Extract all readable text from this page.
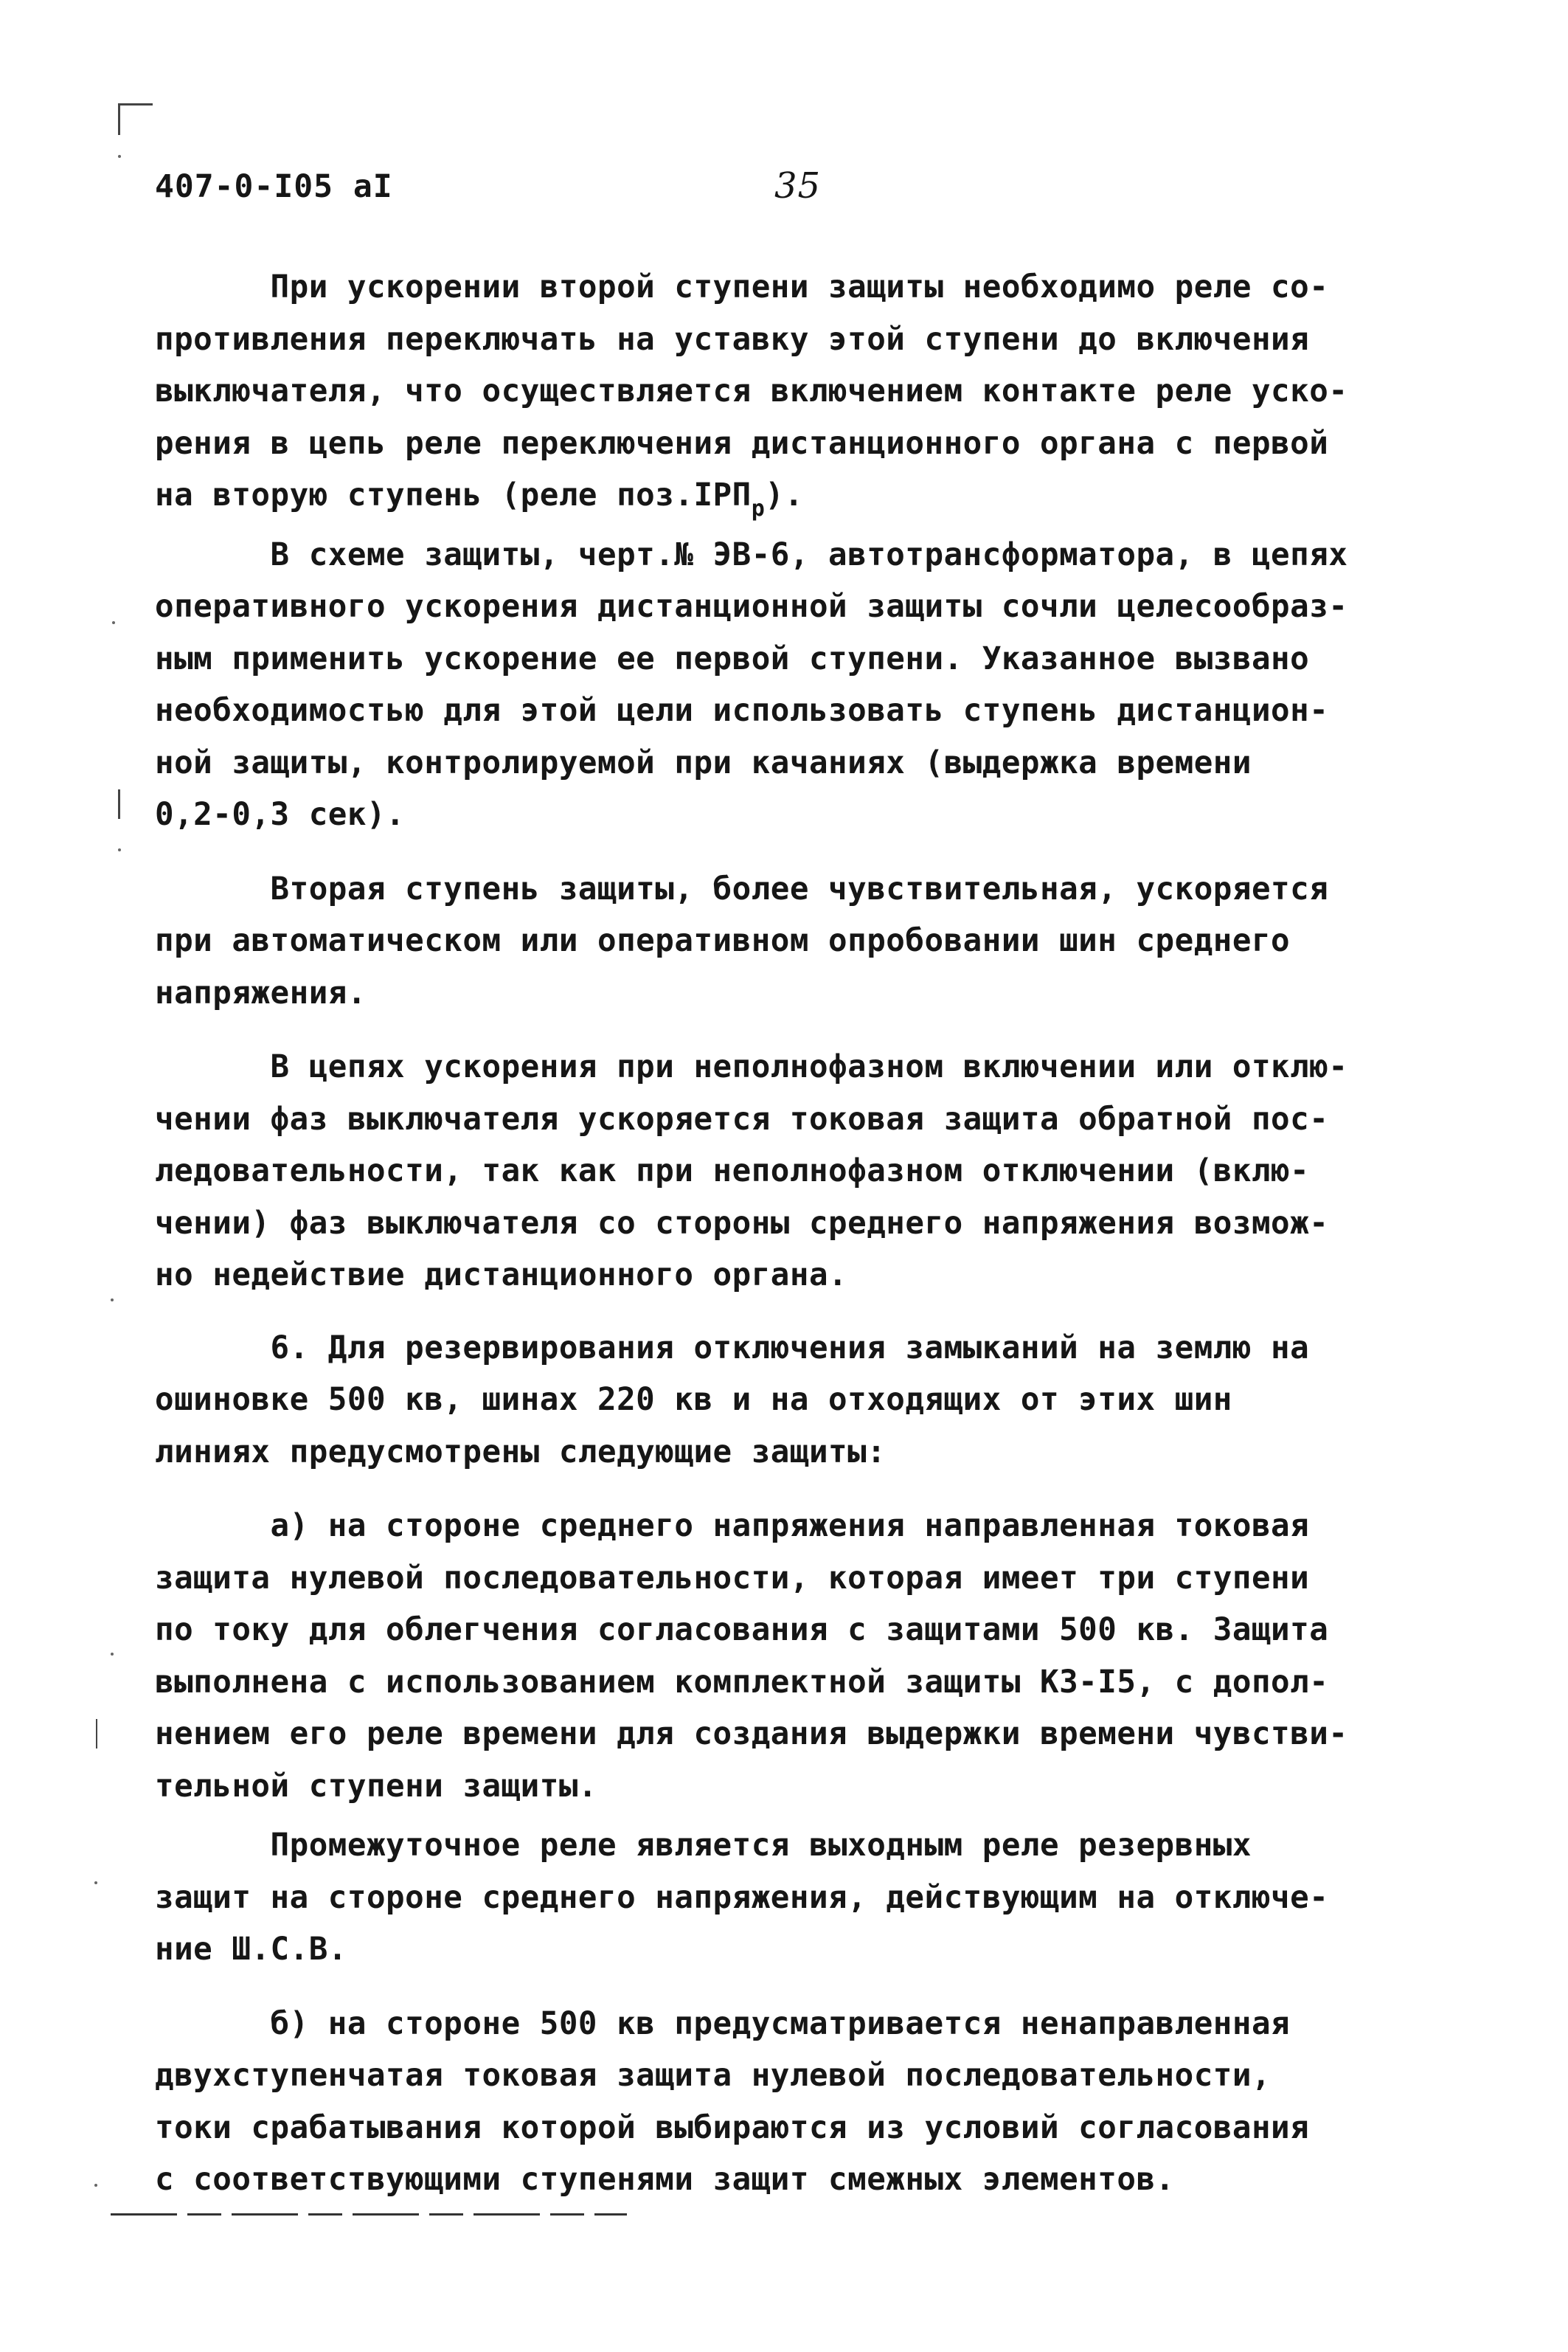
407-0-I05 aI	35
При ускорении второй ступени защиты необходимо реле со-
противления переключать на уставку этой ступени до включения
выключателя, что осуществляется включением контакте реле уско-
рения в цепь реле переключения дистанционного органа с первой
на вторую ступень (реле $поз.IРП_р$).
В схеме защиты, черт.№ ЭВ-6, автотрансформатора, в цепях
оперативного ускорения дистанционной защиты сочли целесообраз-
ным применить ускорение ее первой ступени. Указанное вызвано
необходимостью для этой цели использовать ступень дистанцион-
ной защиты, контролируемой при качаниях (выдержка времени
0,2-0,3 сек).
Вторая ступень защиты, более чувствительная, ускоряется
при автоматическом или оперативном опробовании шин среднего
напряжения.
В цепях ускорения при неполнофазном включении или отклю-
чении фаз выключателя ускоряется токовая защита обратной пос-
ледовательности, так как при неполнофазном отключении (вклю-
чении) фаз выключателя со стороны среднего напряжения возмож-
но недействие дистанционного органа.
6. Для резервирования отключения замыканий на землю на
ошиновке 500 кв, шинах 220 кв и на отходящих от этих шин
линиях предусмотрены следующие защиты:
а) на стороне среднего напряжения направленная токовая
защита нулевой последовательности, которая имеет три ступени
по току для облегчения согласования с защитами 500 кв. Защита
выполнена с использованием комплектной защиты КЗ-I5, с допол-
нением его реле времени для создания выдержки времени чувстви-
тельной ступени защиты.
Промежуточное реле является выходным реле резервных
защит на стороне среднего напряжения, действующим на отключе-
ние Ш.С.В.
б) на стороне 500 кв предусматривается ненаправленная
двухступенчатая токовая защита нулевой последовательности,
токи срабатывания которой выбираются из условий согласования
с соответствующими ступенями защит смежных элементов.
